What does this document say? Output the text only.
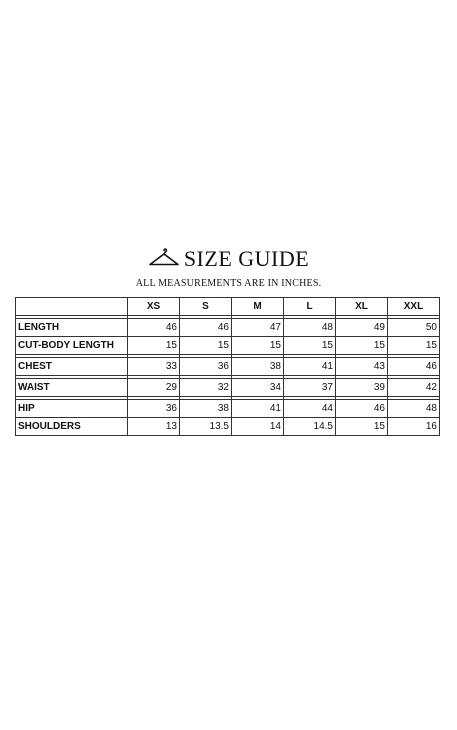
SIZE GUIDE
ALL MEASUREMENTS ARE IN INCHES.
	XS	S	M	L	XL	XXL

LENGTH	46	46	47	48	49	50
CUT-BODY LENGTH	15	15	15	15	15	15

CHEST	33	36	38	41	43	46

WAIST	29	32	34	37	39	42

HIP	36	38	41	44	46	48
SHOULDERS	13	13.5	14	14.5	15	16
